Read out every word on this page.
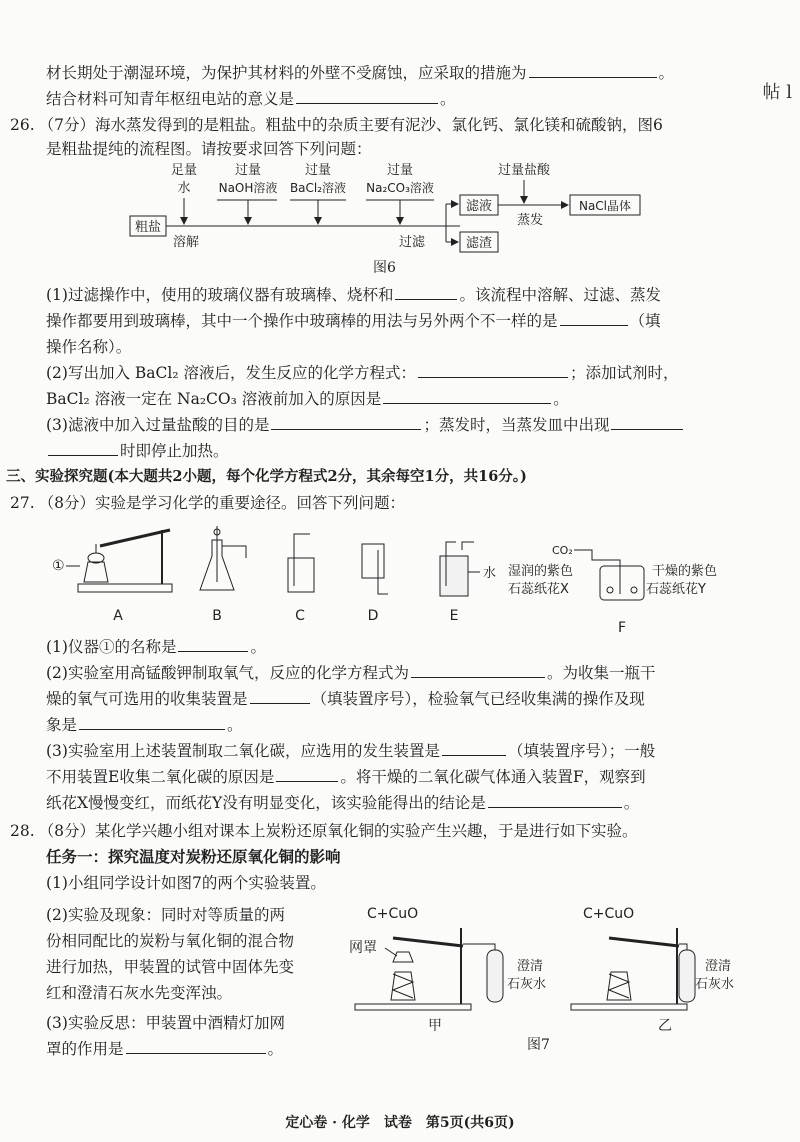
帖 l
材长期处于潮湿环境，为保护其材料的外壁不受腐蚀，应采取的措施为	。
结合材料可知青年枢纽电站的意义是	。
26. （7分）海水蒸发得到的是粗盐。粗盐中的杂质主要有泥沙、氯化钙、氯化镁和硫酸钠，图6
是粗盐提纯的流程图。请按要求回答下列问题：
粗盐
足量
水
溶解
过量
NaOH溶液
过量
BaCl₂溶液
过量
Na₂CO₃溶液
过滤
滤液
滤渣
过量盐酸
蒸发
NaCl晶体
图6
(1)过滤操作中，使用的玻璃仪器有玻璃棒、烧杯和	。该流程中溶解、过滤、蒸发
操作都要用到玻璃棒，其中一个操作中玻璃棒的用法与另外两个不一样的是	（填
操作名称）。
(2)写出加入 BaCl₂ 溶液后，发生反应的化学方程式：	；添加试剂时，
BaCl₂ 溶液一定在 Na₂CO₃ 溶液前加入的原因是	。
(3)滤液中加入过量盐酸的目的是	；蒸发时，当蒸发皿中出现
时即停止加热。
三、实验探究题(本大题共2小题，每个化学方程式2分，其余每空1分，共16分。)
27. （8分）实验是学习化学的重要途径。回答下列问题：
①
A	B	C	D
水
E
CO₂
湿润的紫色
石蕊纸花X
干燥的紫色
石蕊纸花Y
F
(1)仪器①的名称是	。
(2)实验室用高锰酸钾制取氧气，反应的化学方程式为	。为收集一瓶干
燥的氧气可选用的收集装置是	（填装置序号），检验氧气已经收集满的操作及现
象是	。
(3)实验室用上述装置制取二氧化碳，应选用的发生装置是	（填装置序号）；一般
不用装置E收集二氧化碳的原因是	。将干燥的二氧化碳气体通入装置F，观察到
纸花X慢慢变红，而纸花Y没有明显变化，该实验能得出的结论是	。
28. （8分）某化学兴趣小组对课本上炭粉还原氧化铜的实验产生兴趣，于是进行如下实验。
任务一：探究温度对炭粉还原氧化铜的影响
(1)小组同学设计如图7的两个实验装置。
(2)实验及现象：同时对等质量的两
份相同配比的炭粉与氧化铜的混合物
进行加热，甲装置的试管中固体先变
红和澄清石灰水先变浑浊。
(3)实验反思：甲装置中酒精灯加网
罩的作用是	。
C+CuO
网罩
澄清
石灰水
甲
C+CuO
澄清
石灰水
乙
图7
定心卷 · 化学　试卷　第5页(共6页)
